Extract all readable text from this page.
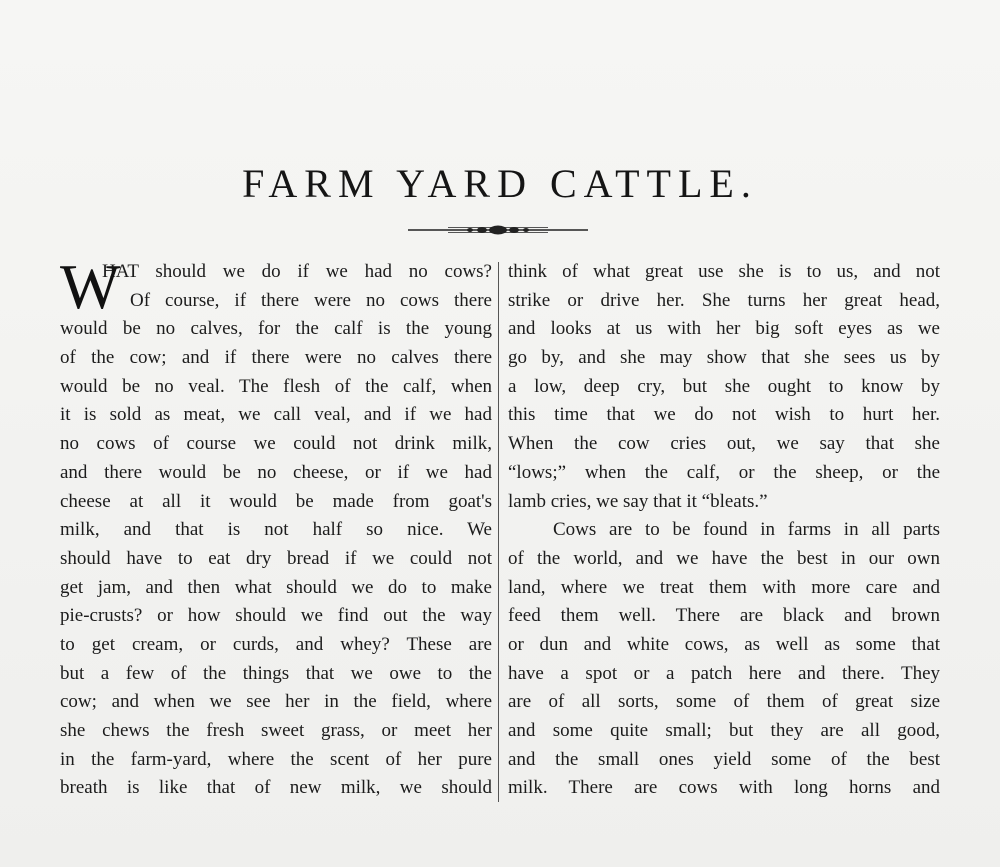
FARM YARD CATTLE.
W
HAT should we do if we had no cows?
Of course, if there were no cows there
would be no calves, for the calf is the young
of the cow; and if there were no calves there
would be no veal. The flesh of the calf, when
it is sold as meat, we call veal, and if we had
no cows of course we could not drink milk,
and there would be no cheese, or if we had
cheese at all it would be made from goat's
milk, and that is not half so nice. We
should have to eat dry bread if we could not
get jam, and then what should we do to make
pie-crusts? or how should we find out the way
to get cream, or curds, and whey? These are
but a few of the things that we owe to the
cow; and when we see her in the field, where
she chews the fresh sweet grass, or meet her
in the farm-yard, where the scent of her pure
breath is like that of new milk, we should
think of what great use she is to us, and not
strike or drive her. She turns her great head,
and looks at us with her big soft eyes as we
go by, and she may show that she sees us by
a low, deep cry, but she ought to know by
this time that we do not wish to hurt her.
When the cow cries out, we say that she
“lows;” when the calf, or the sheep, or the
lamb cries, we say that it “bleats.”
Cows are to be found in farms in all parts
of the world, and we have the best in our own
land, where we treat them with more care and
feed them well. There are black and brown
or dun and white cows, as well as some that
have a spot or a patch here and there. They
are of all sorts, some of them of great size
and some quite small; but they are all good,
and the small ones yield some of the best
milk. There are cows with long horns and
